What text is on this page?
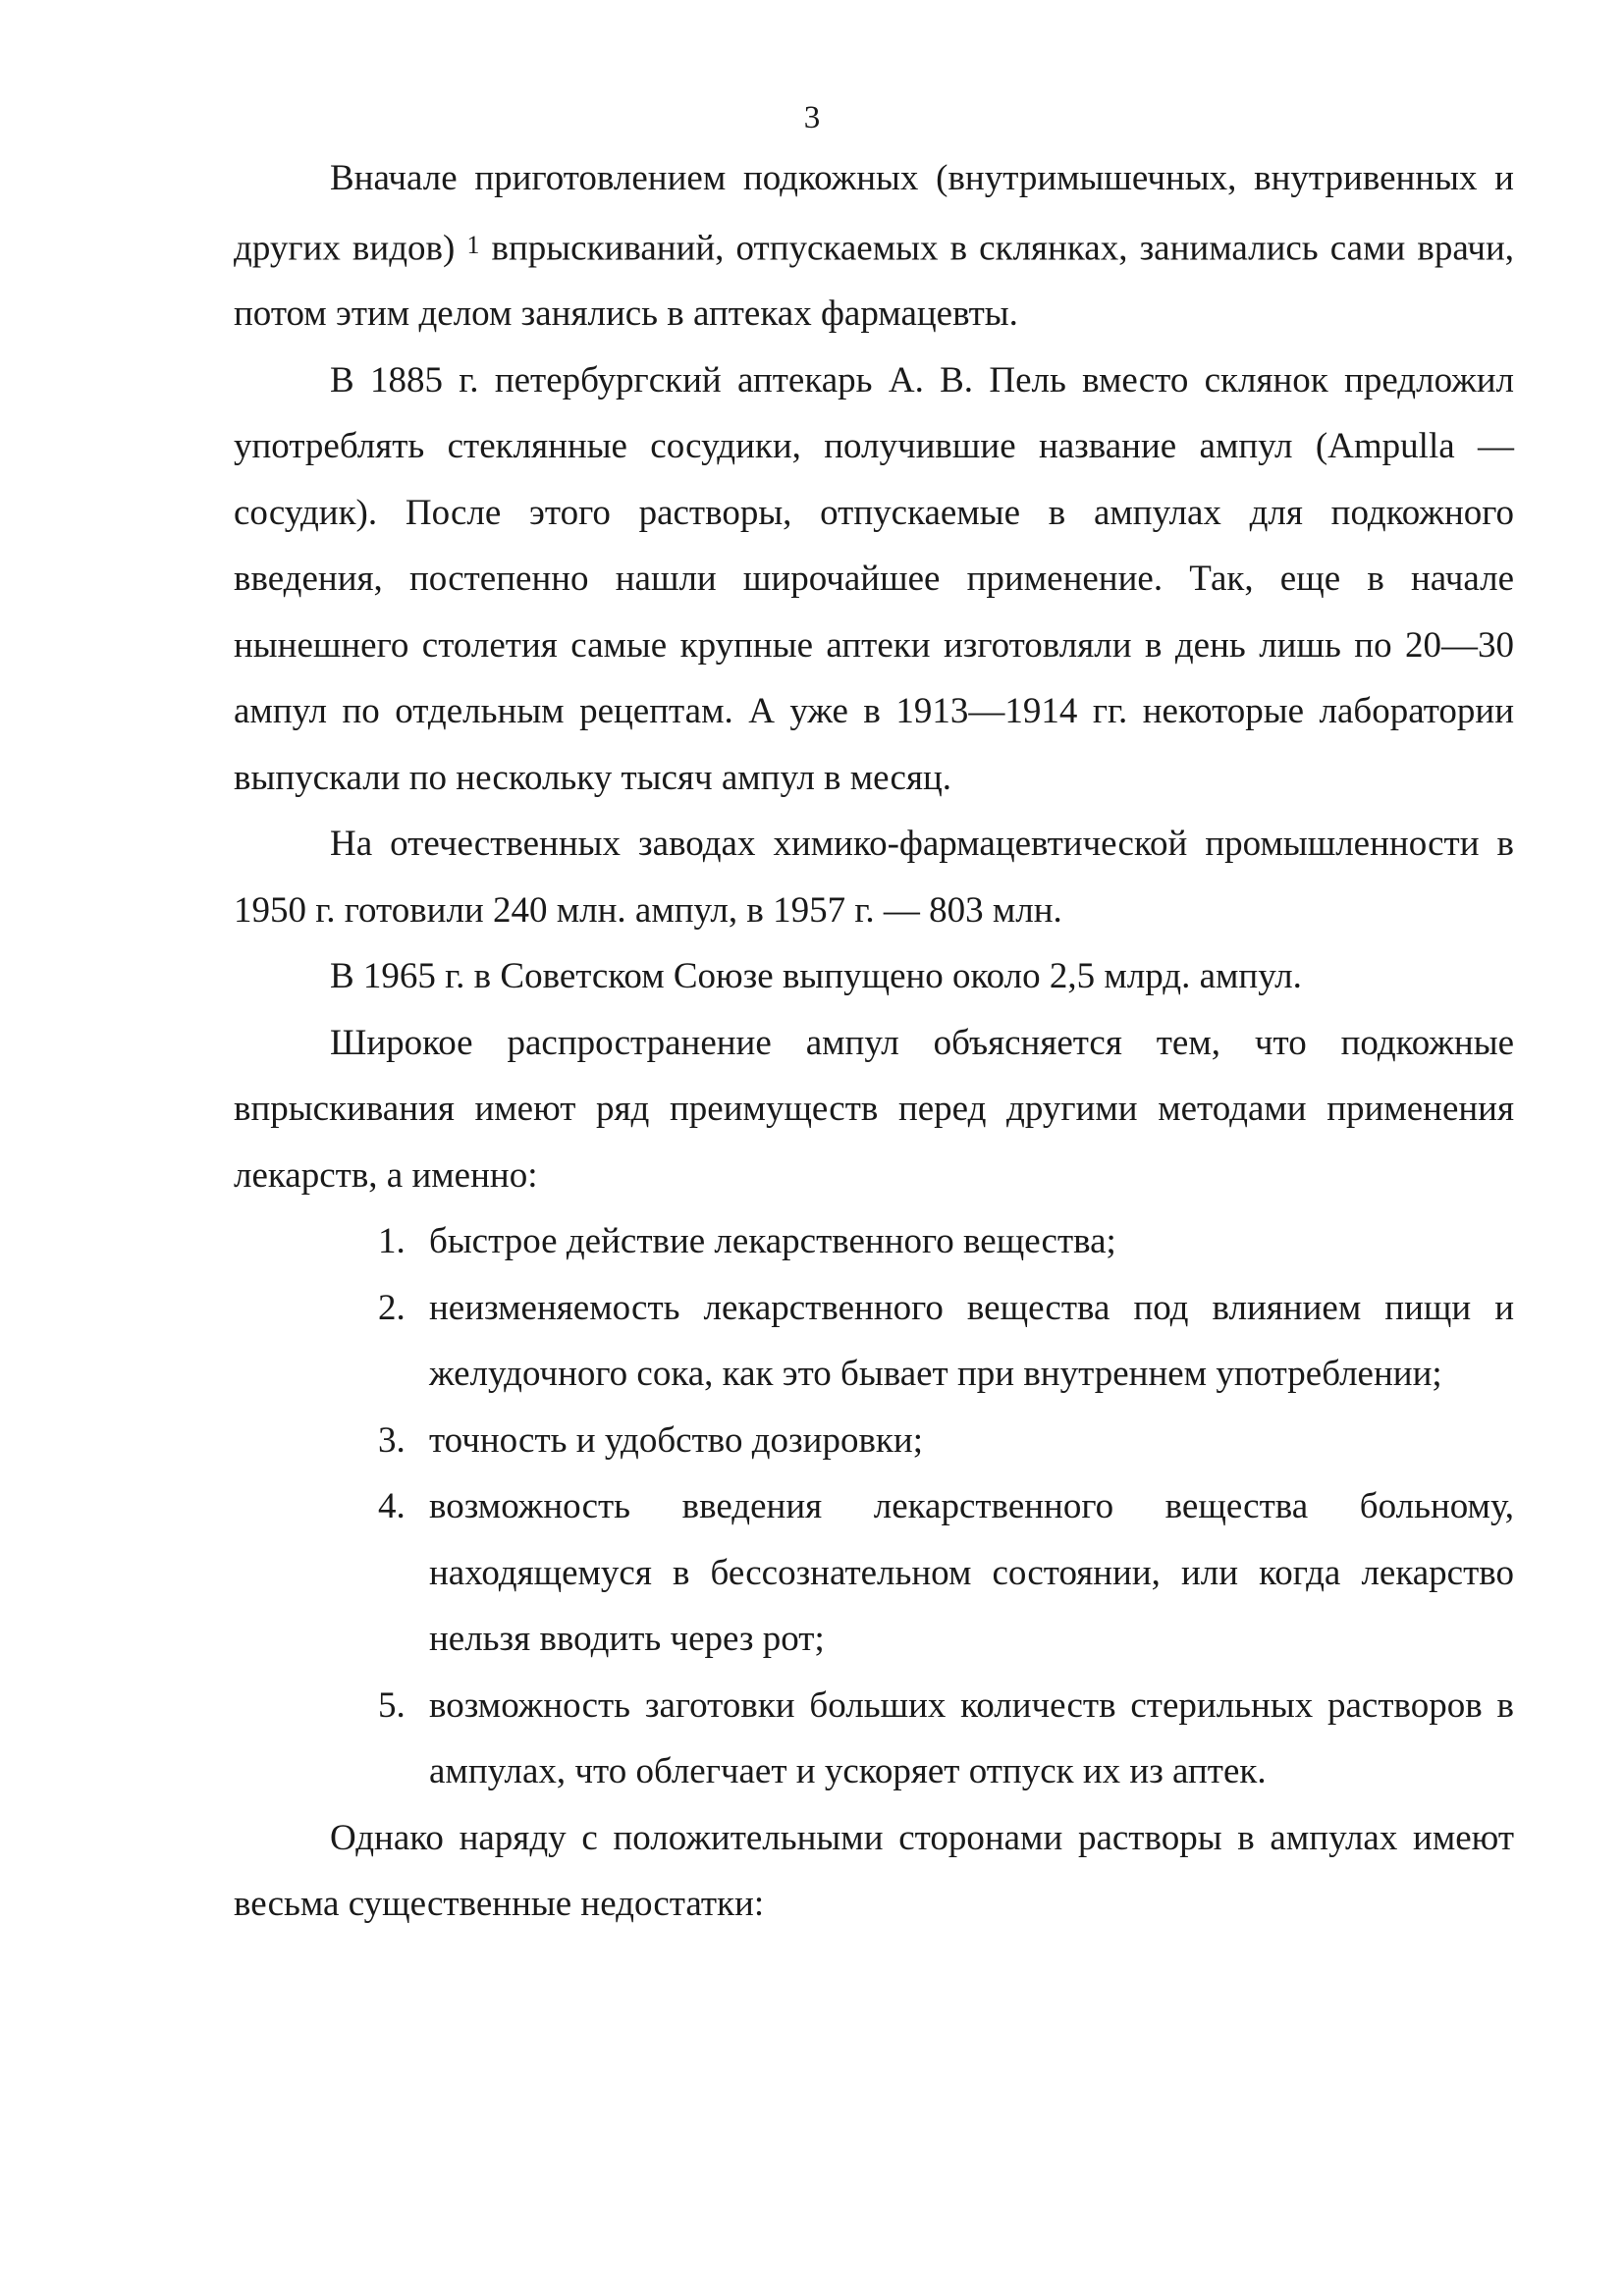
3

Вначале приготовлением подкожных (внутримышечных, внутривенных и других видов) $^1$ впрыскиваний, отпускаемых в склянках, занимались сами врачи, потом этим делом занялись в аптеках фармацевты.

В 1885 г. петербургский аптекарь А. В. Пель вместо склянок предложил употреблять стеклянные сосудики, получившие название ампул (Ampulla — сосудик). После этого растворы, отпускаемые в ампулах для подкожного введения, постепенно нашли широчайшее применение. Так, еще в начале нынешнего столетия самые крупные аптеки изготовляли в день лишь по 20—30 ампул по отдельным рецептам. А уже в 1913—1914 гг. некоторые лаборатории выпускали по нескольку тысяч ампул в месяц.

На отечественных заводах химико-фармацевтической промышленности в 1950 г. готовили 240 млн. ампул, в 1957 г. — 803 млн.

В 1965 г. в Советском Союзе выпущено около 2,5 млрд. ампул.

Широкое распространение ампул объясняется тем, что подкожные впрыскивания имеют ряд преимуществ перед другими методами применения лекарств, а именно:

1. быстрое действие лекарственного вещества;
2. неизменяемость лекарственного вещества под влиянием пищи и желудочного сока, как это бывает при внутреннем употреблении;
3. точность и удобство дозировки;
4. возможность введения лекарственного вещества больному, находящемуся в бессознательном состоянии, или когда лекарство нельзя вводить через рот;
5. возможность заготовки больших количеств стерильных растворов в ампулах, что облегчает и ускоряет отпуск их из аптек.

Однако наряду с положительными сторонами растворы в ампулах имеют весьма существенные недостатки:
